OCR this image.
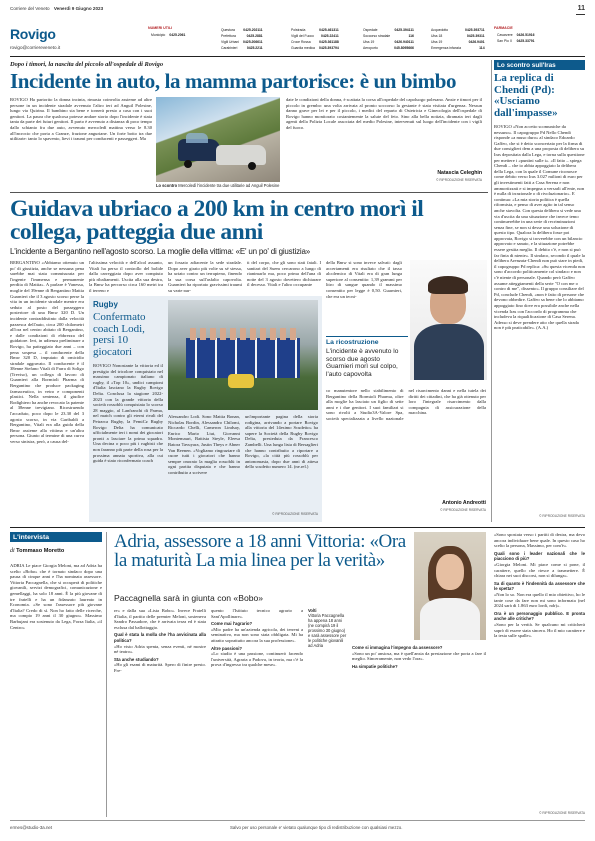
Corriere del Veneto Venerdì 9 Giugno 2023	11
Rovigo
rovigo@corriereveneto.it
NUMERI UTILI	FARMACIE
Municipio	0425.2061
Questura	0425.202111
Prefettura	0425.2881
Vigili Urbani	0425.206611
Carabinieri	0425.2211
Polstrada	0425.461311
Vigili del Fuoco	0425.22411
Croce Rossa	0425.361188
Guardia medica	0425.393794
Ospedale	0425.394111
Soccorso stradale	116
Ulss 19	0426.940111
Aeroporto	045.8095666
Acquedotto	0425.393711
Ulss 18	0425.39311
Ulss 19	0426.9401
Emergenza infanzia	114
Cavarzere	0426.51916
San Pio X	0425.33791
Dopo i timori, la nascita del piccolo all'ospedale di Rovigo
Incidente in auto, la mamma partorisce: è un bimbo
ROVIGO Ha partorito la donna incinta, rimasta coinvolta assieme ad altre persone in un incidente stradale avvenuto l'altro ieri ad Anguil Polesine, lungo via Quirina. Il bambino sta bene e tornerà presto a casa con i suoi genitori. La paura che qualcosa potesse andare storto dopo l'incidente è stata tanta da parte dei futuri genitori. Il parto è avvenuto a distanza di poco tempo dallo schianto fra due auto, avvenuto mercoledì mattina verso le 8.30 all'incrocio che porta a Granze, frazione anguriane. Un forte botto tra due utilitarie: tanto lo spavento, lievi i traumi per conducenti e passeggeri. Ma
Lo scontro Mercoledì l'incidente tra due utilitarie ad Anguil Polesine
date le condizioni della donna, è scattata la corsa all'ospedale del capoluogo polesano. Ansie e timori per il piccolo in grembo: una volta arrivata al pronto soccorso la gestante è stata visitata d'urgenza. Nessun danno grave per lei e per il piccolo, i medici del reparto di Ostetricia e Ginecologia dell'ospedale di Rovigo hanno monitorato costantemente la salute del feto. Sino alla bella notizia, diramata ieri dagli agenti della Polizia Locale associata del medio Polesine, intervenuti sul luogo dell'incidente con i vigili del fuoco.
Natascia Celeghin
© RIPRODUZIONE RISERVATA
Lo scontro sull'Iras
La replica di Chendi (Pd): «Usciamo dall'impasse»
ROVIGO «Non accetto scomuniche da nessuno». Il capogruppo Pd Nello Chendi risponde «a muso duro» al sindaco Edoardo Gaffeo, che si è detto sconcertato per la firma di due consiglieri dem a una proposta di delibera su Iras depositata dalla Lega, e torna sulla questione per mettere i «puntini sulle i». «Il fatto – spiega Chendi – che io abbia appoggiato la delibera della Lega, con la quale il Comune riconosce come debito verso Iras 3.027 milioni di euro per gli investimenti fatti a Casa Serena e non ammortizzati e si impegna a versarli all'ente, non è nulla di irrazionale o di rivoluzionario». E continua: «La mia storia politica è quella riformista, e penso di aver agito in tal senso anche stavolta. Con questa delibera si vede una via d'uscita da una situazione che invece temo continuerebbe in una serie di recriminazioni senza fine, se non si desse una soluzione di questo tipo. Qualora la delibera fosse poi approvata, Rovigo si troverebbe con un bilancio approvato e sanato, e la situazione potrebbe essere gestita meglio. Il debito c'è, e non si può far finta di niente». Il sindaco, secondo il quale la delibera Arenzata-Chendi non può stare in piedi, il capogruppo Pd replica: «Su questa vicenda non sono d'accordo politicamente col sindaco e non c'è niente di personale. Quando però Gaffeo assume atteggiamenti della serie "O con me o contro di me", dissento». Il gruppo consiliare del Pd, conclude Chendi, «non è fatto di persone che devono obbedire. Gaffeo sa bene che lo abbiamo appoggiato fino dove era possibile anche nella vicenda Iras con l'accordo di programma che includeva la riqualificazione di Casa Serena. Adesso si deve prendere atto che quella strada non è più praticabile». (A.A.)
© RIPRODUZIONE RISERVATA
Guidava ubriaco a 200 km in centro morì il collega, patteggia due anni
L'incidente a Bergantino nell'agosto scorso. La moglie della vittima: «E' un po' di giustizia»
BERGANTINO «Abbiamo ottenuto un po' di giustizia, anche se nessuna pena sarebbe mai stata commisurata per l'ingente l'immensa e permanente perdita di Mattia». A parlare è Vanessa, moglie del 39enne di Bergantino Mattia Guarnieri che il 3 agosto scorso perse la vita in un incidente stradale mentre era seduto al posto del passeggero posteriore di una Bmw 320 D. Un incidente contraddistinto dalla velocità pazzesca dell'auto, circa 200 chilometri all'ora nel centro abitato di Bergantino, e dalle condizioni di ebbrezza del guidatore. Ieri, in udienza preliminare a Rovigo, ha patteggiato due anni – con pena sospesa – il conducente della Bmw 320 D, imputato di omicidio stradale aggravato. Il conducente è il 38enne Stefano Vitali di Farra di Soligo (Treviso), un collega di lavoro di Guarnieri alla Bormioli Pharma di Bergantino che produce packaging farmaceutico, in vetro e componenti plastici. Nella sentenza, il giudice Rodighiero ha anche revocato la patente al 38enne trevigiano. Ricostruendo l'accaduto, poco dopo le 23.30 del 3 agosto scorso, in via Garibaldi a Bergantino, Vitali era alla guida della Bmw assieme alla vittima e un'altra persona. Giunto al termine di una curva verso sinistra, però, a causa del-
l'altissima velocità e dell'alcol assunto, Vitali ha perso il controllo del bolide dalla carreggiata dopo aver compiuto più ribaltamenti. Uscita alla sua destra, la Bmw ha percorso circa 160 metri tra il terreno e
un fossato adiacente la sede stradale. Dopo aver girato più volte su sé stessa, ha urtato contro un terrapieno, finendo la sua corsa sull'asfalto capovolta. Guarnieri ha riportato gravissimi traumi su varie par-
ti del corpo, che gli sono stati fatali. I sanitari del Suem cercarono a lungo di rianimarlo ma, poco prima dell'una di notte del 3 agosto dovettero dichiarare il decesso. Vitali e l'altro occupante
della Bmw si sono invece salvati: dagli accertamenti era risultato che il tasso alcolemico di Vitali era di gran lunga superiore al consentito: 1,39 grammi per litro di sangue quando il massimo consentito per legge è 0,50. Guarnieri, che era un tecni-
La ricostruzione
L'incidente è avvenuto lo scorso due agosto Guarnieri morì sul colpo, l'auto capovolta
co manutentore nello stabilimento di Bergantino della Bormioli Pharma, oltre alla moglie ha lasciato un figlio di sette anni e i due genitori. I suoi familiari si sono rivolti a Studio3A-Valore Spa, società specializzata a livello nazionale nel risarcimento danni e nella tutela dei diritti dei cittadini, che ha già ottenuto per loro l'integrale risarcimento dalla compagnia di assicurazione della macchina.
Antonio Andreotti
© RIPRODUZIONE RISERVATA
Rugby
Confermato coach Lodi, persi 10 giocatori
ROVIGO Nonostante la vittoria ed il prestigio del tricolore conquistato nel massimo campionato italiano di rugby, il «Top 10», undici campioni d'Italia lasciano la Rugby Rovigo Delta. Conclusa la stagione 2022-2023 con la grande vittoria della società rossoblù conquistata lo scorso 28 maggio, al Lanfranchi di Parma, nel match contro gli eterni rivali del Petrarca Rugby, la FemiCz Rugby Rovigo Delta ha comunicato ufficialmente ieri i nomi dei giocatori pronti a lasciare la prima squadra. Una decina o poco più i rugbisti che non faranno più parte della rosa per la prossima annata sportiva, alla cui guida è stato riconfermato coach
Alessandro Lodi. Sono Mattia Bonan, Nicholas Bordin, Alessandro Chilomi, Riccardo Chelli, Cameron Lindsay, Enrico Mario Liut, Giovanni Montemauri, Battista Steyle, Eleesa Batora Tavuyara, Justin Theys e Abner Van Reenen. «Vogliamo ringraziare di cuore tutti i giocatori che hanno sempre onorato la maglia rossoblù in ogni partita disputata e che hanno contribuito a scrivere
un'importante pagina della storia rodigina, arrivando a portare Rovigo alla vittoria del 14esimo Scudetto» ha sapere la Società della Rugby Rovigo Delta, presieduta da Francesco Zambelli. Una lunga lista di Bersaglieri che hanno contribuito a riportare a Rovigo, «la città più rossoblù per antonomasia, dopo due anni di attesa dello scudetto numero 14. (ne.rel.)
© RIPRODUZIONE RISERVATA
L'intervista
di Tommaso Moretto	Adria, assessore a 18 anni Vittoria: «Ora la maturità La mia linea per la verità»
Paccagnella sarà in giunta con «Bobo»
ADRIA Le piace Giorgia Meloni, ma ad Adria ha scelto «Bobo» che è tornato sindaco dopo una pausa di cinque anni e l'ha nominata assessore. Vittoria Paccagnella, che si occuperà di politiche giovanili, servizi demografici, comunicazione e gemellaggi, ha solo 18 anni. È la più giovane di tre fratelli e ha un fidanzato laureato in Economia. «Se sono l'assessore più giovane d'Italia? Credo di sì. Non ho fatto delle ricerche, ma compio 19 anni il 30 giugno». Massimo Barbujani era sostenuto da Lega, Forza Italia, «il Centro»
re» e dalla sua «Lista Bobo». Invece Fratelli d'Italia, il partito delle premier Meloni, sosteneva Sandro Passadore, che è arrivata terza ed è stata esclusa dal ballottaggio.
Qual è stata la molla che l'ha avvicinata alla politica?
«Ho visto Adria spenta, senza eventi, né mostre né teatro».
Sta anche studiando?
«Ho gli esami di maturità. Spero di finire presto. Fre-
quento l'Istituto tecnico agrario a Sant'Apollinare».
Come mai l'agrario?
«Mio padre ha un'azienda agricola, dei terreni a seminativo, ma non sono stata obbligata. Mi ha attratto soprattutto ancora la sua professione».
Altre passioni?
«Lo studio è una passione, continuerò facendo l'università, Agraria a Padova, in teoria, ma c'è la prova d'ingresso tra qualche mese».
Volti
Vittoria Paccagnella ha appena 18 anni (ne compirà 19 il prossimo 30 giugno) e sarà assessore per le politiche giovanili ad Adria	Come si immagina l'impegno da assessore?
«Sono un po' ansiosa, ma è quell'ansia da prestazione che porta a fare il meglio. Sinceramente, non vedo l'ora».
Ha simpatie politiche?
«Sono spostata verso i partiti di destra, ma devo ancora individuare bene quale. In questo caso ho scelto la persona, Massimo, per com'è».
Quali sono i leader nazionali che le piacciono di più?
«Giorgia Meloni. Mi piace come si pone, il carattere, quello che riesce a trasmettere. È chiara nei suoi discorsi, non si dilunga».
Sa di quanto è l'indennità da assessore che le spetta?
«Non lo so. Non era quello il mio obiettivo, ho le tante cose da fare non mi sono informata (nel 2024 sarà di 1.863 euro lordi, ndr)».
Ora è un personaggio pubblico. E pronta anche alle critiche?
«Sono per la verità. Se qualcuno mi criticherà saprò di essere stata sincera. Ho il mio carattere e la testa sulle spalle».
© RIPRODUZIONE RISERVATA
ermes@studio-3a.net	Salvo per uso personale e' vietato qualunque tipo di redistribuzione con qualsiasi mezzo.
